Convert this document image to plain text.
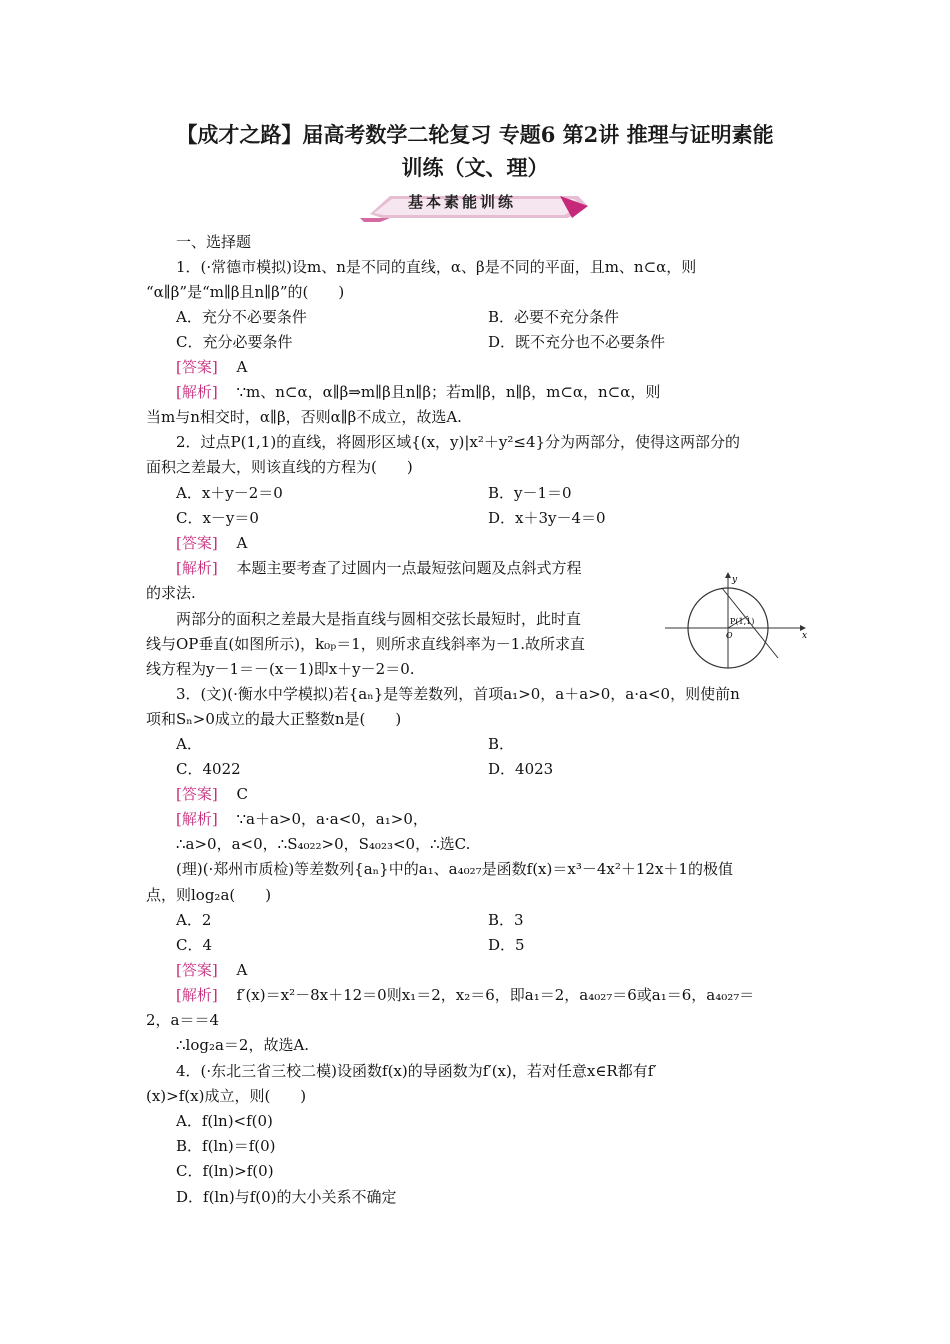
【成才之路】届高考数学二轮复习 专题6 第2讲 推理与证明素能
训练（文、理）
基本素能训练
一、选择题
1．(·常德市模拟)设m、n是不同的直线，α、β是不同的平面，且m、n⊂α，则
“α∥β”是“m∥β且n∥β”的(　　)
A．充分不必要条件	B．必要不充分条件
C．充分必要条件	D．既不充分也不必要条件
[答案] A
[解析] ∵m、n⊂α，α∥β⇒m∥β且n∥β；若m∥β，n∥β，m⊂α，n⊂α，则
当m与n相交时，α∥β，否则α∥β不成立，故选A.
2．过点P(1,1)的直线，将圆形区域{(x，y)|x²＋y²≤4}分为两部分，使得这两部分的
面积之差最大，则该直线的方程为(　　)
A．x＋y－2＝0	B．y－1＝0
C．x－y＝0	D．x＋3y－4＝0
[答案] A
[解析] 本题主要考查了过圆内一点最短弦问题及点斜式方程
的求法.
两部分的面积之差最大是指直线与圆相交弦长最短时，此时直
线与OP垂直(如图所示)，k₀ₚ＝1，则所求直线斜率为－1.故所求直
线方程为y－1＝－(x－1)即x＋y－2＝0.
y
x
P(1,1)
O
3．(文)(·衡水中学模拟)若{aₙ}是等差数列，首项a₁>0，a＋a>0，a·a<0，则使前n
项和Sₙ>0成立的最大正整数n是(　　)
A．	B．
C．4022	D．4023
[答案] C
[解析] ∵a＋a>0，a·a<0，a₁>0，
∴a>0，a<0，∴S₄₀₂₂>0，S₄₀₂₃<0，∴选C.
(理)(·郑州市质检)等差数列{aₙ}中的a₁、a₄₀₂₇是函数f(x)＝x³－4x²＋12x＋1的极值
点，则log₂a(　　)
A．2	B．3
C．4	D．5
[答案] A
[解析] f′(x)＝x²－8x＋12＝0则x₁＝2，x₂＝6，即a₁＝2，a₄₀₂₇＝6或a₁＝6，a₄₀₂₇＝
2，a＝＝4
∴log₂a＝2，故选A.
4．(·东北三省三校二模)设函数f(x)的导函数为f′(x)，若对任意x∈R都有f′
(x)>f(x)成立，则(　　)
A．f(ln)<f(0)
B．f(ln)＝f(0)
C．f(ln)>f(0)
D．f(ln)与f(0)的大小关系不确定
